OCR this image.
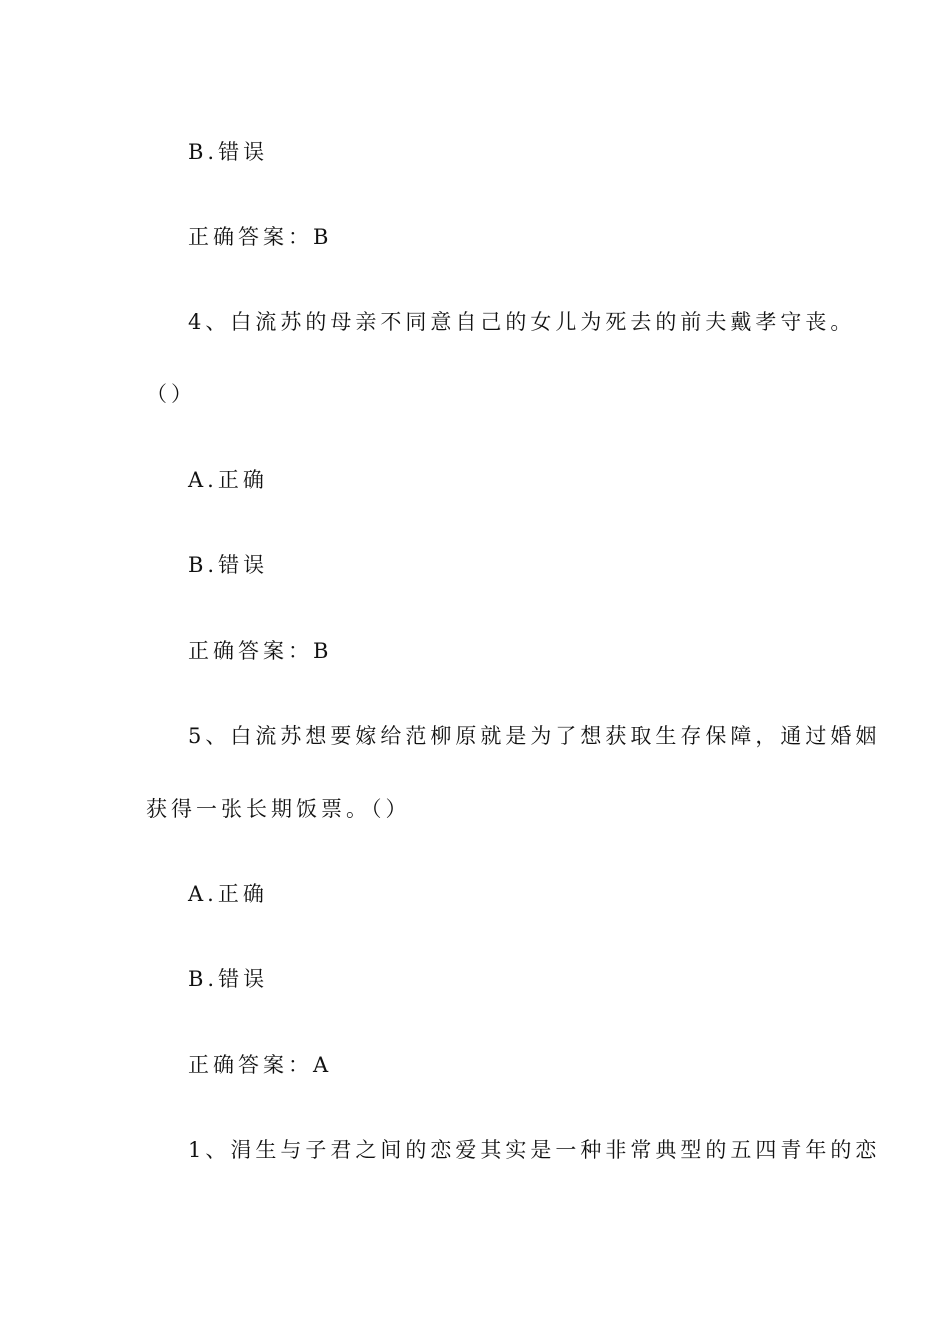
B.错误
正确答案：B
4、白流苏的母亲不同意自己的女儿为死去的前夫戴孝守丧。
（）
A.正确
B.错误
正确答案：B
5、白流苏想要嫁给范柳原就是为了想获取生存保障，通过婚姻
获得一张长期饭票。（）
A.正确
B.错误
正确答案：A
1、涓生与子君之间的恋爱其实是一种非常典型的五四青年的恋
